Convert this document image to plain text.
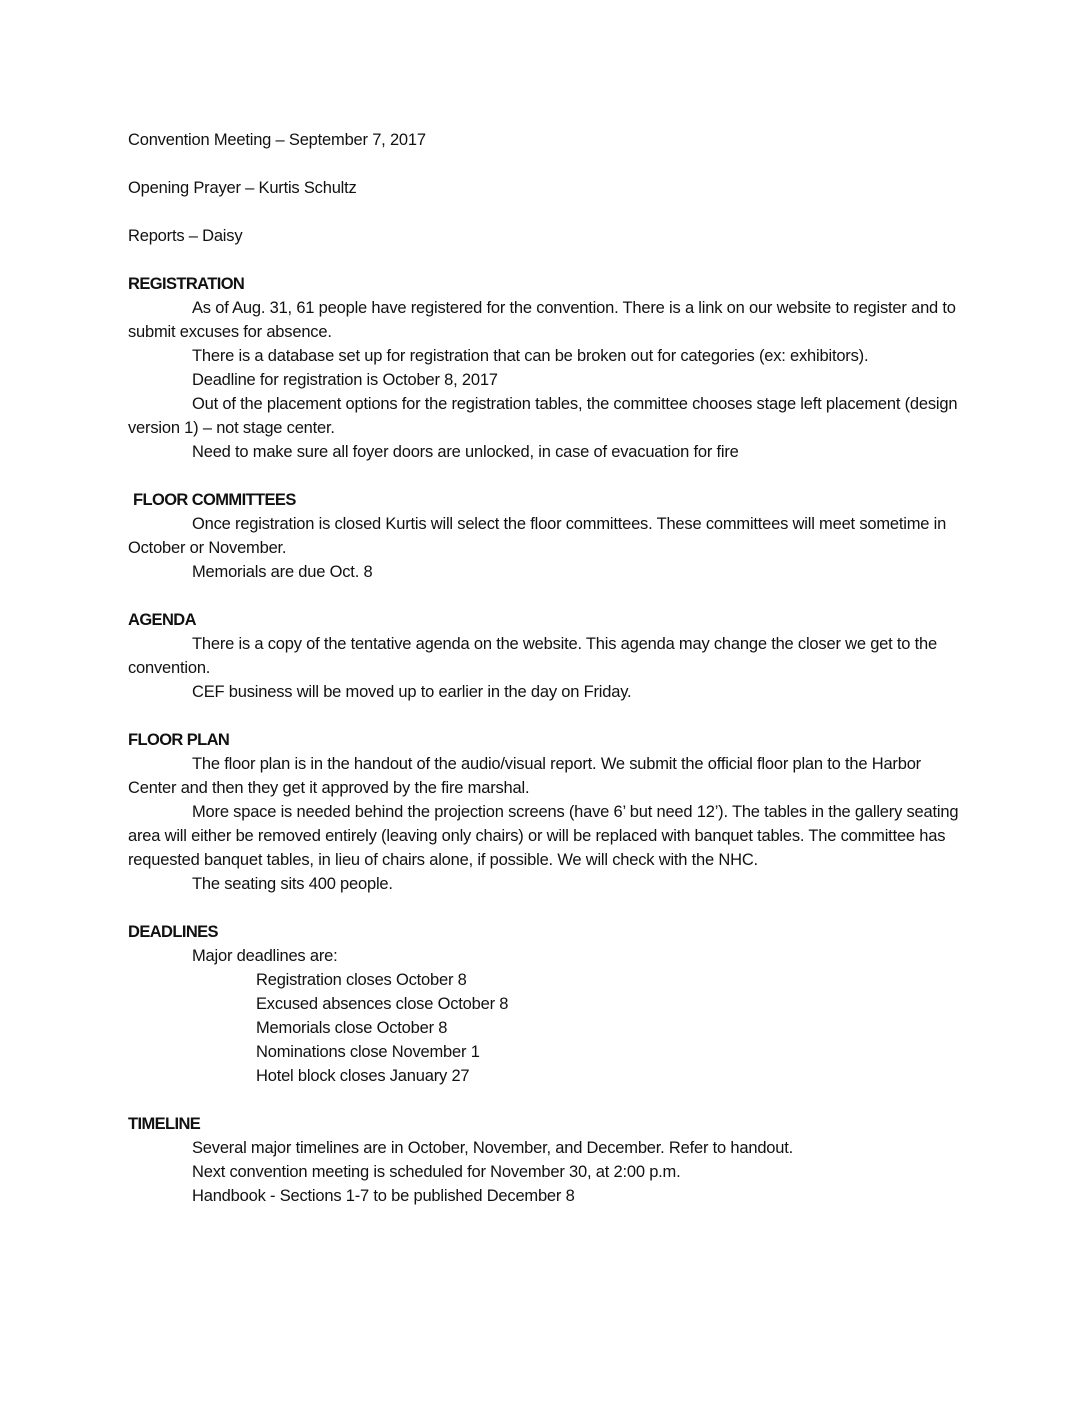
Convention Meeting – September 7, 2017

Opening Prayer – Kurtis Schultz

Reports – Daisy

REGISTRATION

As of Aug. 31, 61 people have registered for the convention. There is a link on our website to register and to submit excuses for absence.

There is a database set up for registration that can be broken out for categories (ex: exhibitors).

Deadline for registration is October 8, 2017

Out of the placement options for the registration tables, the committee chooses stage left placement (design version 1) – not stage center.

Need to make sure all foyer doors are unlocked, in case of evacuation for fire

FLOOR COMMITTEES

Once registration is closed Kurtis will select the floor committees. These committees will meet sometime in October or November.

Memorials are due Oct. 8

AGENDA

There is a copy of the tentative agenda on the website. This agenda may change the closer we get to the convention.

CEF business will be moved up to earlier in the day on Friday.

FLOOR PLAN

The floor plan is in the handout of the audio/visual report. We submit the official floor plan to the Harbor Center and then they get it approved by the fire marshal.

More space is needed behind the projection screens (have 6’ but need 12’). The tables in the gallery seating area will either be removed entirely (leaving only chairs) or will be replaced with banquet tables. The committee has requested banquet tables, in lieu of chairs alone, if possible. We will check with the NHC.

The seating sits 400 people.

DEADLINES

Major deadlines are:

Registration closes October 8

Excused absences close October 8

Memorials close October 8

Nominations close November 1

Hotel block closes January 27

TIMELINE

Several major timelines are in October, November, and December. Refer to handout.

Next convention meeting is scheduled for November 30, at 2:00 p.m.

Handbook - Sections 1-7 to be published December 8
